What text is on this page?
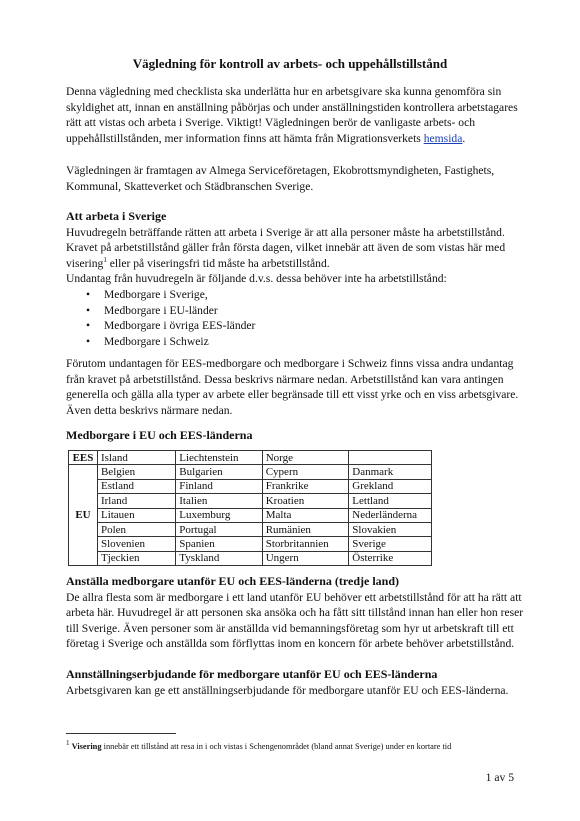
Vägledning för kontroll av arbets- och uppehållstillstånd

Denna vägledning med checklista ska underlätta hur en arbetsgivare ska kunna genomföra sin skyldighet att, innan en anställning påbörjas och under anställningstiden kontrollera arbetstagares rätt att vistas och arbeta i Sverige. Viktigt! Vägledningen berör de vanligaste arbets- och uppehållstillstånden, mer information finns att hämta från Migrationsverkets hemsida.

Vägledningen är framtagen av Almega Serviceföretagen, Ekobrottsmyndigheten, Fastighets, Kommunal, Skatteverket och Städbranschen Sverige.

Att arbeta i Sverige

Huvudregeln beträffande rätten att arbeta i Sverige är att alla personer måste ha arbetstillstånd. Kravet på arbetstillstånd gäller från första dagen, vilket innebär att även de som vistas här med visering$^1$ eller på viseringsfri tid måste ha arbetstillstånd.

Undantag från huvudregeln är följande d.v.s. dessa behöver inte ha arbetstillstånd:

• Medborgare i Sverige,
• Medborgare i EU-länder
• Medborgare i övriga EES-länder
• Medborgare i Schweiz

Förutom undantagen för EES-medborgare och medborgare i Schweiz finns vissa andra undantag från kravet på arbetstillstånd. Dessa beskrivs närmare nedan. Arbetstillstånd kan vara antingen generella och gälla alla typer av arbete eller begränsade till ett visst yrke och en viss arbetsgivare. Även detta beskrivs närmare nedan.

Medborgare i EU och EES-länderna

EES	Island	Liechtenstein	Norge	
EU	Belgien	Bulgarien	Cypern	Danmark
	Estland	Finland	Frankrike	Grekland
	Irland	Italien	Kroatien	Lettland
	Litauen	Luxemburg	Malta	Nederländerna
	Polen	Portugal	Rumänien	Slovakien
	Slovenien	Spanien	Storbritannien	Sverige
	Tjeckien	Tyskland	Ungern	Österrike

Anställa medborgare utanför EU och EES-länderna (tredje land)

De allra flesta som är medborgare i ett land utanför EU behöver ett arbetstillstånd för att ha rätt att arbeta här. Huvudregel är att personen ska ansöka och ha fått sitt tillstånd innan han eller hon reser till Sverige. Även personer som är anställda vid bemanningsföretag som hyr ut arbetskraft till ett företag i Sverige och anställda som förflyttas inom en koncern för arbete behöver arbetstillstånd.

Annställningserbjudande för medborgare utanför EU och EES-länderna

Arbetsgivaren kan ge ett anställningserbjudande för medborgare utanför EU och EES-länderna.

$^1$ Visering innebär ett tillstånd att resa in i och vistas i Schengenområdet (bland annat Sverige) under en kortare tid

1 av 5
